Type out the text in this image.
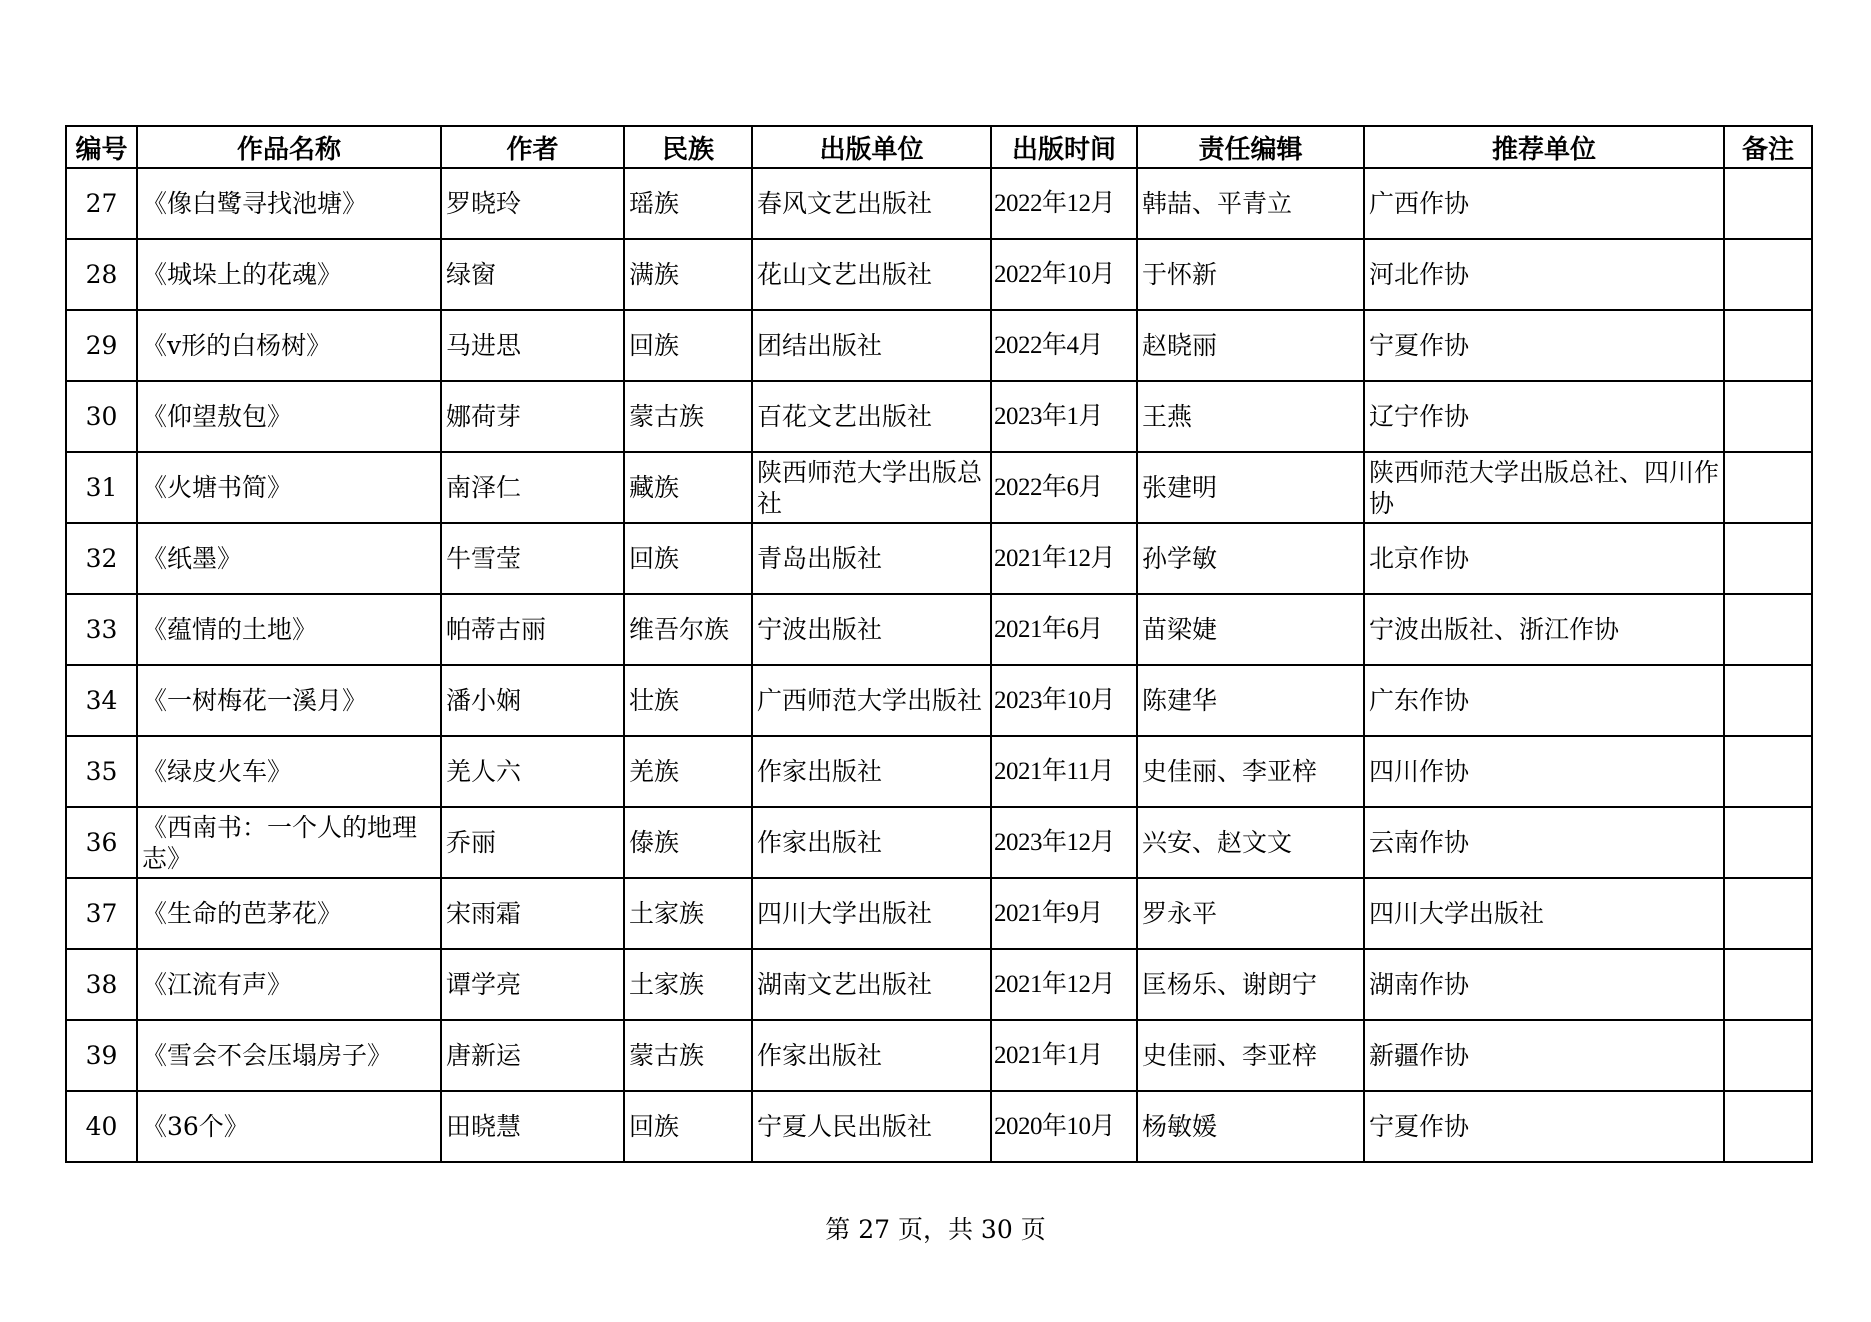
编号	作品名称	作者	民族	出版单位	出版时间	责任编辑	推荐单位	备注
27	《像白鹭寻找池塘》	罗晓玲	瑶族	春风文艺出版社	2022年12月	韩喆、平青立	广西作协	
28	《城垛上的花魂》	绿窗	满族	花山文艺出版社	2022年10月	于怀新	河北作协	
29	《v形的白杨树》	马进思	回族	团结出版社	2022年4月	赵晓丽	宁夏作协	
30	《仰望敖包》	娜荷芽	蒙古族	百花文艺出版社	2023年1月	王燕	辽宁作协	
31	《火塘书简》	南泽仁	藏族	陕西师范大学出版总社	2022年6月	张建明	陕西师范大学出版总社、四川作协	
32	《纸墨》	牛雪莹	回族	青岛出版社	2021年12月	孙学敏	北京作协	
33	《蕴情的土地》	帕蒂古丽	维吾尔族	宁波出版社	2021年6月	苗梁婕	宁波出版社、浙江作协	
34	《一树梅花一溪月》	潘小娴	壮族	广西师范大学出版社	2023年10月	陈建华	广东作协	
35	《绿皮火车》	羌人六	羌族	作家出版社	2021年11月	史佳丽、李亚梓	四川作协	
36	《西南书：一个人的地理志》	乔丽	傣族	作家出版社	2023年12月	兴安、赵文文	云南作协	
37	《生命的芭茅花》	宋雨霜	土家族	四川大学出版社	2021年9月	罗永平	四川大学出版社	
38	《江流有声》	谭学亮	土家族	湖南文艺出版社	2021年12月	匡杨乐、谢朗宁	湖南作协	
39	《雪会不会压塌房子》	唐新运	蒙古族	作家出版社	2021年1月	史佳丽、李亚梓	新疆作协	
40	《36个》	田晓慧	回族	宁夏人民出版社	2020年10月	杨敏媛	宁夏作协	
第 27 页，共 30 页
